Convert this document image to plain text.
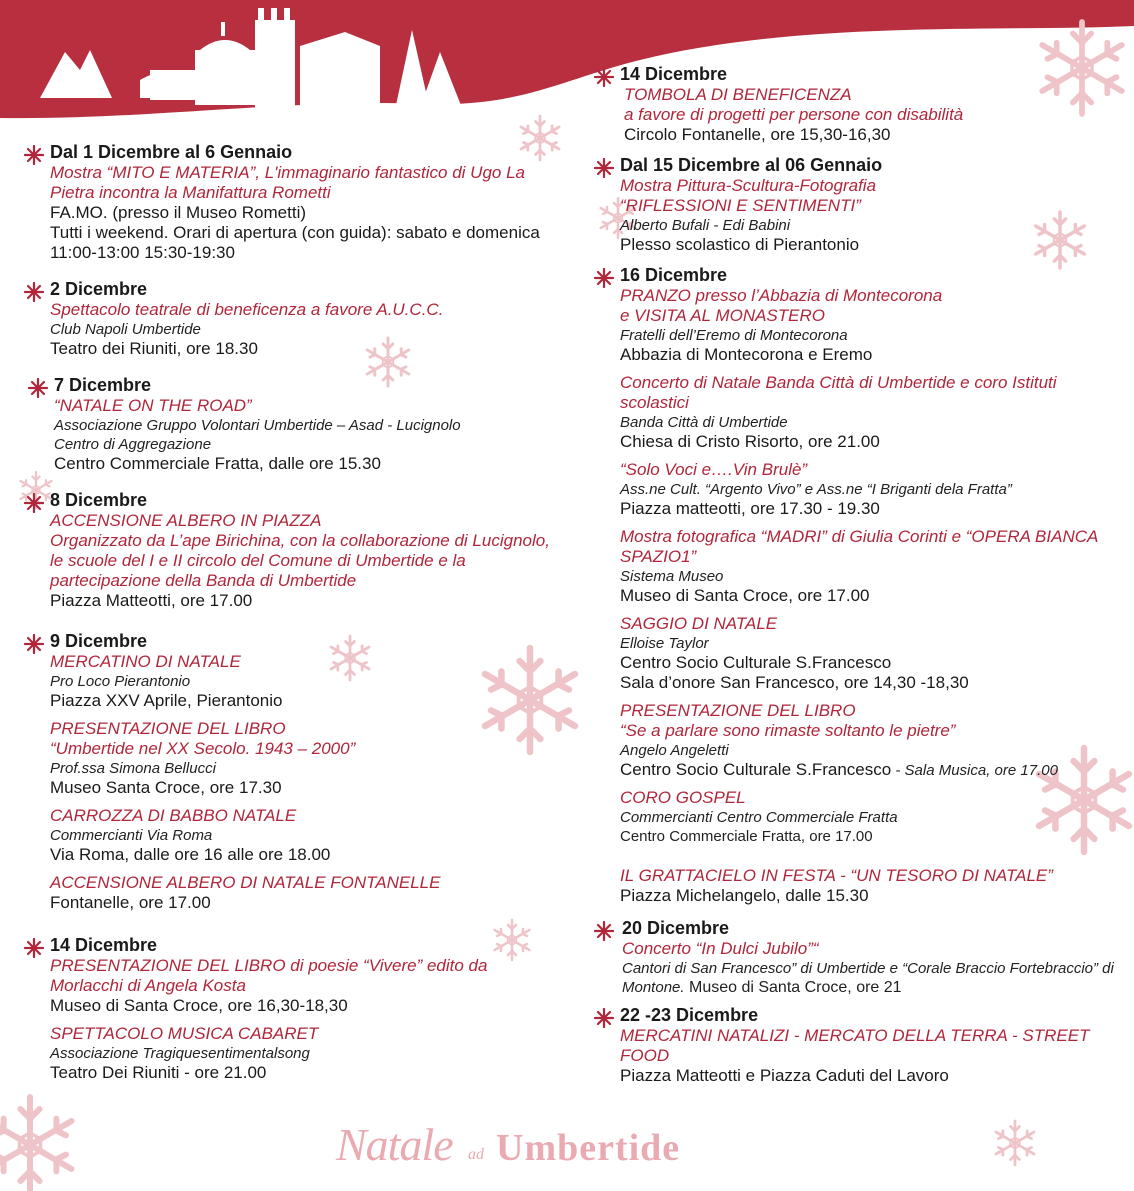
Dal 1 Dicembre al 6 Gennaio
Mostra “MITO E MATERIA”, L'immaginario fantastico di Ugo La Pietra incontra la Manifattura Rometti
FA.MO. (presso il Museo Rometti)
Tutti i weekend. Orari di apertura (con guida): sabato e domenica 11:00-13:00 15:30-19:30
2 Dicembre
Spettacolo teatrale di beneficenza a favore A.U.C.C.
Club Napoli Umbertide
Teatro dei Riuniti, ore 18.30
7 Dicembre
“NATALE ON THE ROAD”
Associazione Gruppo Volontari Umbertide – Asad - Lucignolo
Centro di Aggregazione
Centro Commerciale Fratta, dalle ore 15.30
8 Dicembre
ACCENSIONE ALBERO IN PIAZZA
Organizzato da L’ape Birichina, con la collaborazione di Lucignolo, le scuole del I e II circolo del Comune di Umbertide e la partecipazione della Banda di Umbertide
Piazza Matteotti, ore 17.00
9 Dicembre
MERCATINO DI NATALE
Pro Loco Pierantonio
Piazza XXV Aprile, Pierantonio
PRESENTAZIONE DEL LIBRO
“Umbertide nel XX Secolo. 1943 – 2000”
Prof.ssa Simona Bellucci
Museo Santa Croce, ore 17.30
CARROZZA DI BABBO NATALE
Commercianti Via Roma
Via Roma, dalle ore 16 alle ore 18.00
ACCENSIONE ALBERO DI NATALE FONTANELLE
Fontanelle, ore 17.00
14 Dicembre
PRESENTAZIONE DEL LIBRO di poesie “Vivere” edito da Morlacchi di Angela Kosta
Museo di Santa Croce, ore 16,30-18,30
SPETTACOLO MUSICA CABARET
Associazione Tragiquesentimentalsong
Teatro Dei Riuniti - ore 21.00
14 Dicembre
TOMBOLA DI BENEFICENZA
a favore di progetti per persone con disabilità
Circolo Fontanelle, ore 15,30-16,30
Dal 15 Dicembre al 06 Gennaio
Mostra Pittura-Scultura-Fotografia
“RIFLESSIONI E SENTIMENTI”
Alberto Bufali - Edi Babini
Plesso scolastico di Pierantonio
16 Dicembre
PRANZO presso l’Abbazia di Montecorona
e VISITA AL MONASTERO
Fratelli dell’Eremo di Montecorona
Abbazia di Montecorona e Eremo
Concerto di Natale Banda Città di Umbertide e coro Istituti scolastici
Banda Città di Umbertide
Chiesa di Cristo Risorto, ore 21.00
“Solo Voci e….Vin Brulè”
Ass.ne Cult. “Argento Vivo” e Ass.ne “I Briganti dela Fratta”
Piazza matteotti, ore 17.30 - 19.30
Mostra fotografica “MADRI” di Giulia Corinti e “OPERA BIANCA SPAZIO1”
Sistema Museo
Museo di Santa Croce, ore 17.00
SAGGIO DI NATALE
Elloise Taylor
Centro Socio Culturale S.Francesco
Sala d’onore San Francesco, ore 14,30 -18,30
PRESENTAZIONE DEL LIBRO
“Se a parlare sono rimaste soltanto le pietre”
Angelo Angeletti
Centro Socio Culturale S.Francesco - Sala Musica, ore 17.00
CORO GOSPEL
Commercianti Centro Commerciale Fratta
Centro Commerciale Fratta, ore 17.00
IL GRATTACIELO IN FESTA - “UN TESORO DI NATALE”
Piazza Michelangelo, dalle 15.30
20 Dicembre
Concerto “In Dulci Jubilo”“
Cantori di San Francesco” di Umbertide e “Corale Braccio Fortebraccio” di Montone. Museo di Santa Croce, ore 21
22 -23 Dicembre
MERCATINI NATALIZI - MERCATO DELLA TERRA - STREET FOOD
Piazza Matteotti e Piazza Caduti del Lavoro
Natale ad Umbertide
